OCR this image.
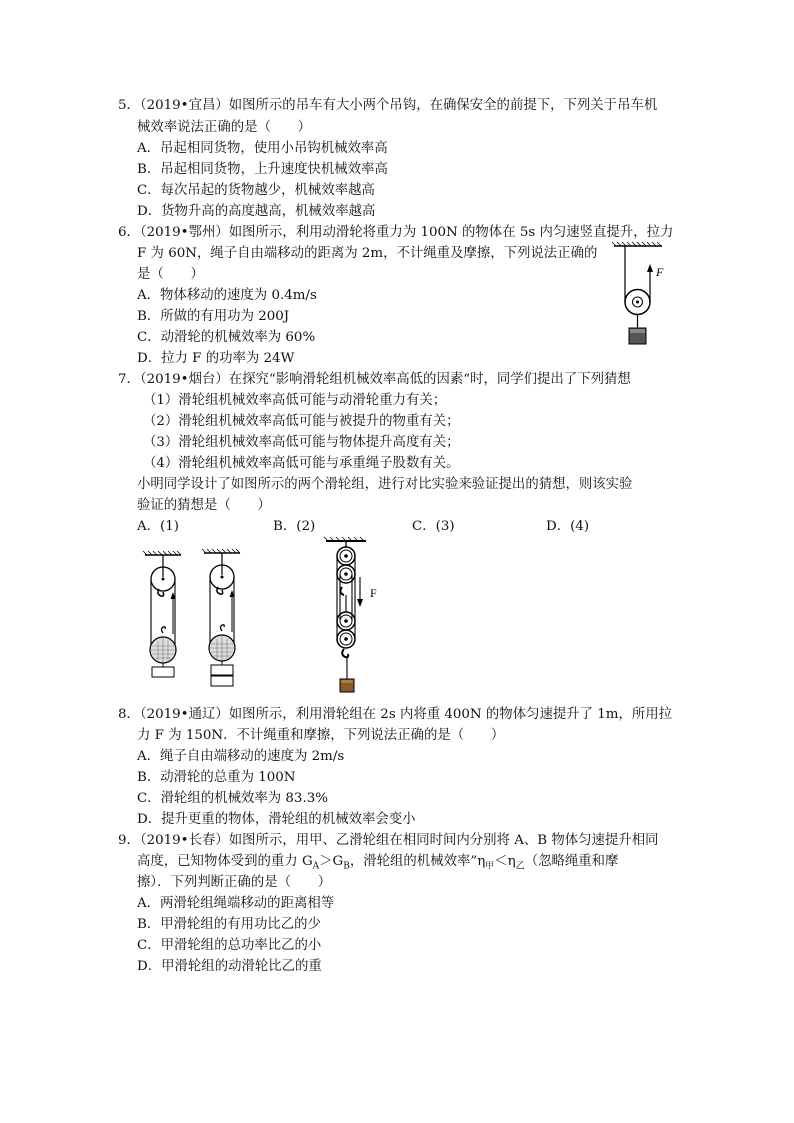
5．（2019•宜昌）如图所示的吊车有大小两个吊钩，在确保安全的前提下，下列关于吊车机
械效率说法正确的是（　　）
A．吊起相同货物，使用小吊钩机械效率高
B．吊起相同货物，上升速度快机械效率高
C．每次吊起的货物越少，机械效率越高
D．货物升高的高度越高，机械效率越高
6．（2019•鄂州）如图所示，利用动滑轮将重力为 100N 的物体在 5s 内匀速竖直提升，拉力
F 为 60N，绳子自由端移动的距离为 2m，不计绳重及摩擦，下列说法正确的
是（　　）
A．物体移动的速度为 0.4m/s
B．所做的有用功为 200J
C．动滑轮的机械效率为 60%
D．拉力 F 的功率为 24W
F
7．（2019•烟台）在探究“影响滑轮组机械效率高低的因素“时，同学们提出了下列猜想
（1）滑轮组机械效率高低可能与动滑轮重力有关；
（2）滑轮组机械效率高低可能与被提升的物重有关；
（3）滑轮组机械效率高低可能与物体提升高度有关；
（4）滑轮组机械效率高低可能与承重绳子股数有关。
小明同学设计了如图所示的两个滑轮组，进行对比实验来验证提出的猜想，则该实验
验证的猜想是（　　）
A．(1)	B．(2)	C．(3)	D．(4)
F
8．（2019•通辽）如图所示，利用滑轮组在 2s 内将重 400N 的物体匀速提升了 1m，所用拉
力 F 为 150N．不计绳重和摩擦，下列说法正确的是（　　）
A．绳子自由端移动的速度为 2m/s
B．动滑轮的总重为 100N
C．滑轮组的机械效率为 83.3%
D．提升更重的物体，滑轮组的机械效率会变小
9．（2019•长春）如图所示，用甲、乙滑轮组在相同时间内分别将 A、B 物体匀速提升相同
高度，已知物体受到的重力 $G_A>G_B$，滑轮组的机械效率$”\eta_甲<\eta_乙$（忽略绳重和摩
擦）．下列判断正确的是（　　）
A．两滑轮组绳端移动的距离相等
B．甲滑轮组的有用功比乙的少
C．甲滑轮组的总功率比乙的小
D．甲滑轮组的动滑轮比乙的重
